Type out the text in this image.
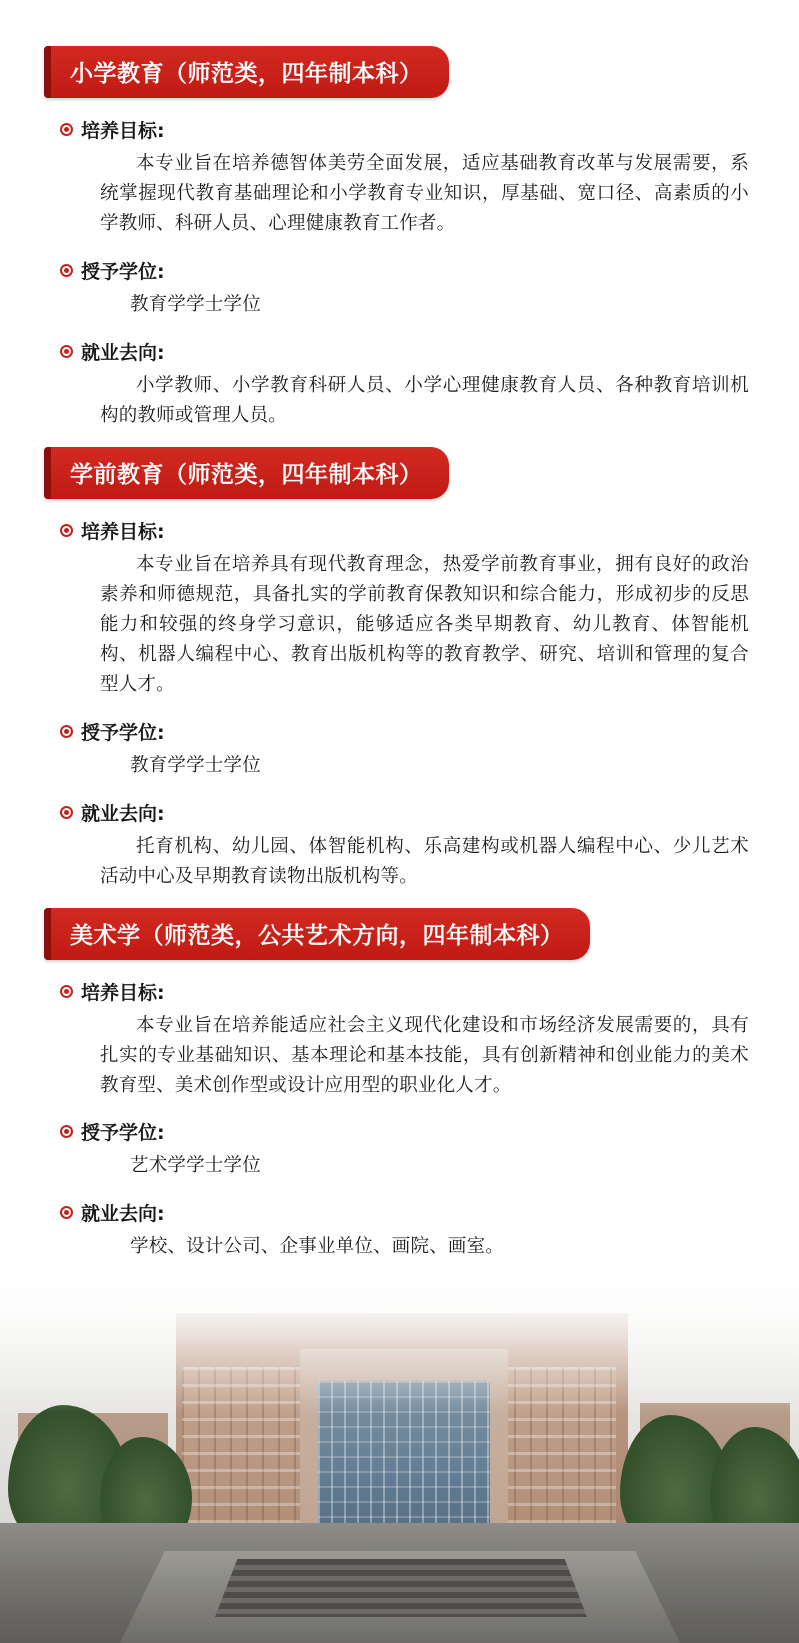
小学教育（师范类，四年制本科）
培养目标:

本专业旨在培养德智体美劳全面发展，适应基础教育改革与发展需要，系统掌握现代教育基础理论和小学教育专业知识，厚基础、宽口径、高素质的小学教师、科研人员、心理健康教育工作者。

授予学位:

教育学学士学位

就业去向:

小学教师、小学教育科研人员、小学心理健康教育人员、各种教育培训机构的教师或管理人员。

学前教育（师范类，四年制本科）
培养目标:

本专业旨在培养具有现代教育理念，热爱学前教育事业，拥有良好的政治素养和师德规范，具备扎实的学前教育保教知识和综合能力，形成初步的反思能力和较强的终身学习意识，能够适应各类早期教育、幼儿教育、体智能机构、机器人编程中心、教育出版机构等的教育教学、研究、培训和管理的复合型人才。

授予学位:

教育学学士学位

就业去向:

托育机构、幼儿园、体智能机构、乐高建构或机器人编程中心、少儿艺术活动中心及早期教育读物出版机构等。

美术学（师范类，公共艺术方向，四年制本科）
培养目标:

本专业旨在培养能适应社会主义现代化建设和市场经济发展需要的，具有扎实的专业基础知识、基本理论和基本技能，具有创新精神和创业能力的美术教育型、美术创作型或设计应用型的职业化人才。

授予学位:

艺术学学士学位

就业去向:

学校、设计公司、企事业单位、画院、画室。
